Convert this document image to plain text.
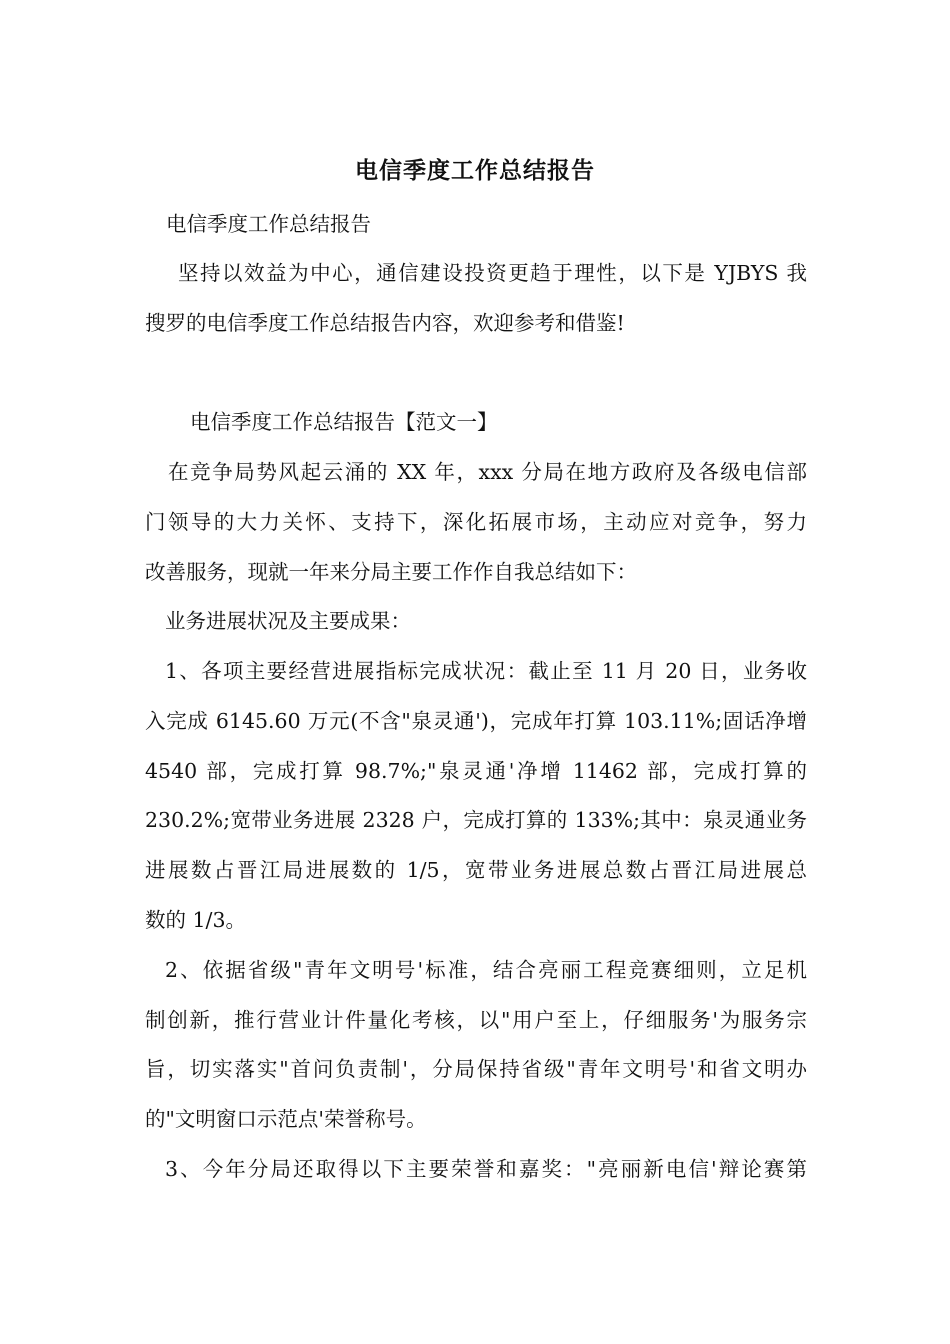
电信季度工作总结报告
电信季度工作总结报告
坚持以效益为中心，通信建设投资更趋于理性，以下是 YJBYS 我
搜罗的电信季度工作总结报告内容，欢迎参考和借鉴!
电信季度工作总结报告【范文一】
在竞争局势风起云涌的 XX 年，xxx 分局在地方政府及各级电信部
门领导的大力关怀、支持下，深化拓展市场，主动应对竞争，努力
改善服务，现就一年来分局主要工作作自我总结如下：
业务进展状况及主要成果：
1、各项主要经营进展指标完成状况：截止至 11 月 20 日，业务收
入完成 6145.60 万元(不含"泉灵通')，完成年打算 103.11%;固话净增
4540 部，完成打算 98.7%;"泉灵通'净增 11462 部，完成打算的
230.2%;宽带业务进展 2328 户，完成打算的 133%;其中：泉灵通业务
进展数占晋江局进展数的 1/5，宽带业务进展总数占晋江局进展总
数的 1/3。
2、依据省级"青年文明号'标准，结合亮丽工程竞赛细则，立足机
制创新，推行营业计件量化考核，以"用户至上，仔细服务'为服务宗
旨，切实落实"首问负责制'，分局保持省级"青年文明号'和省文明办
的"文明窗口示范点'荣誉称号。
3、今年分局还取得以下主要荣誉和嘉奖："亮丽新电信'辩论赛第
